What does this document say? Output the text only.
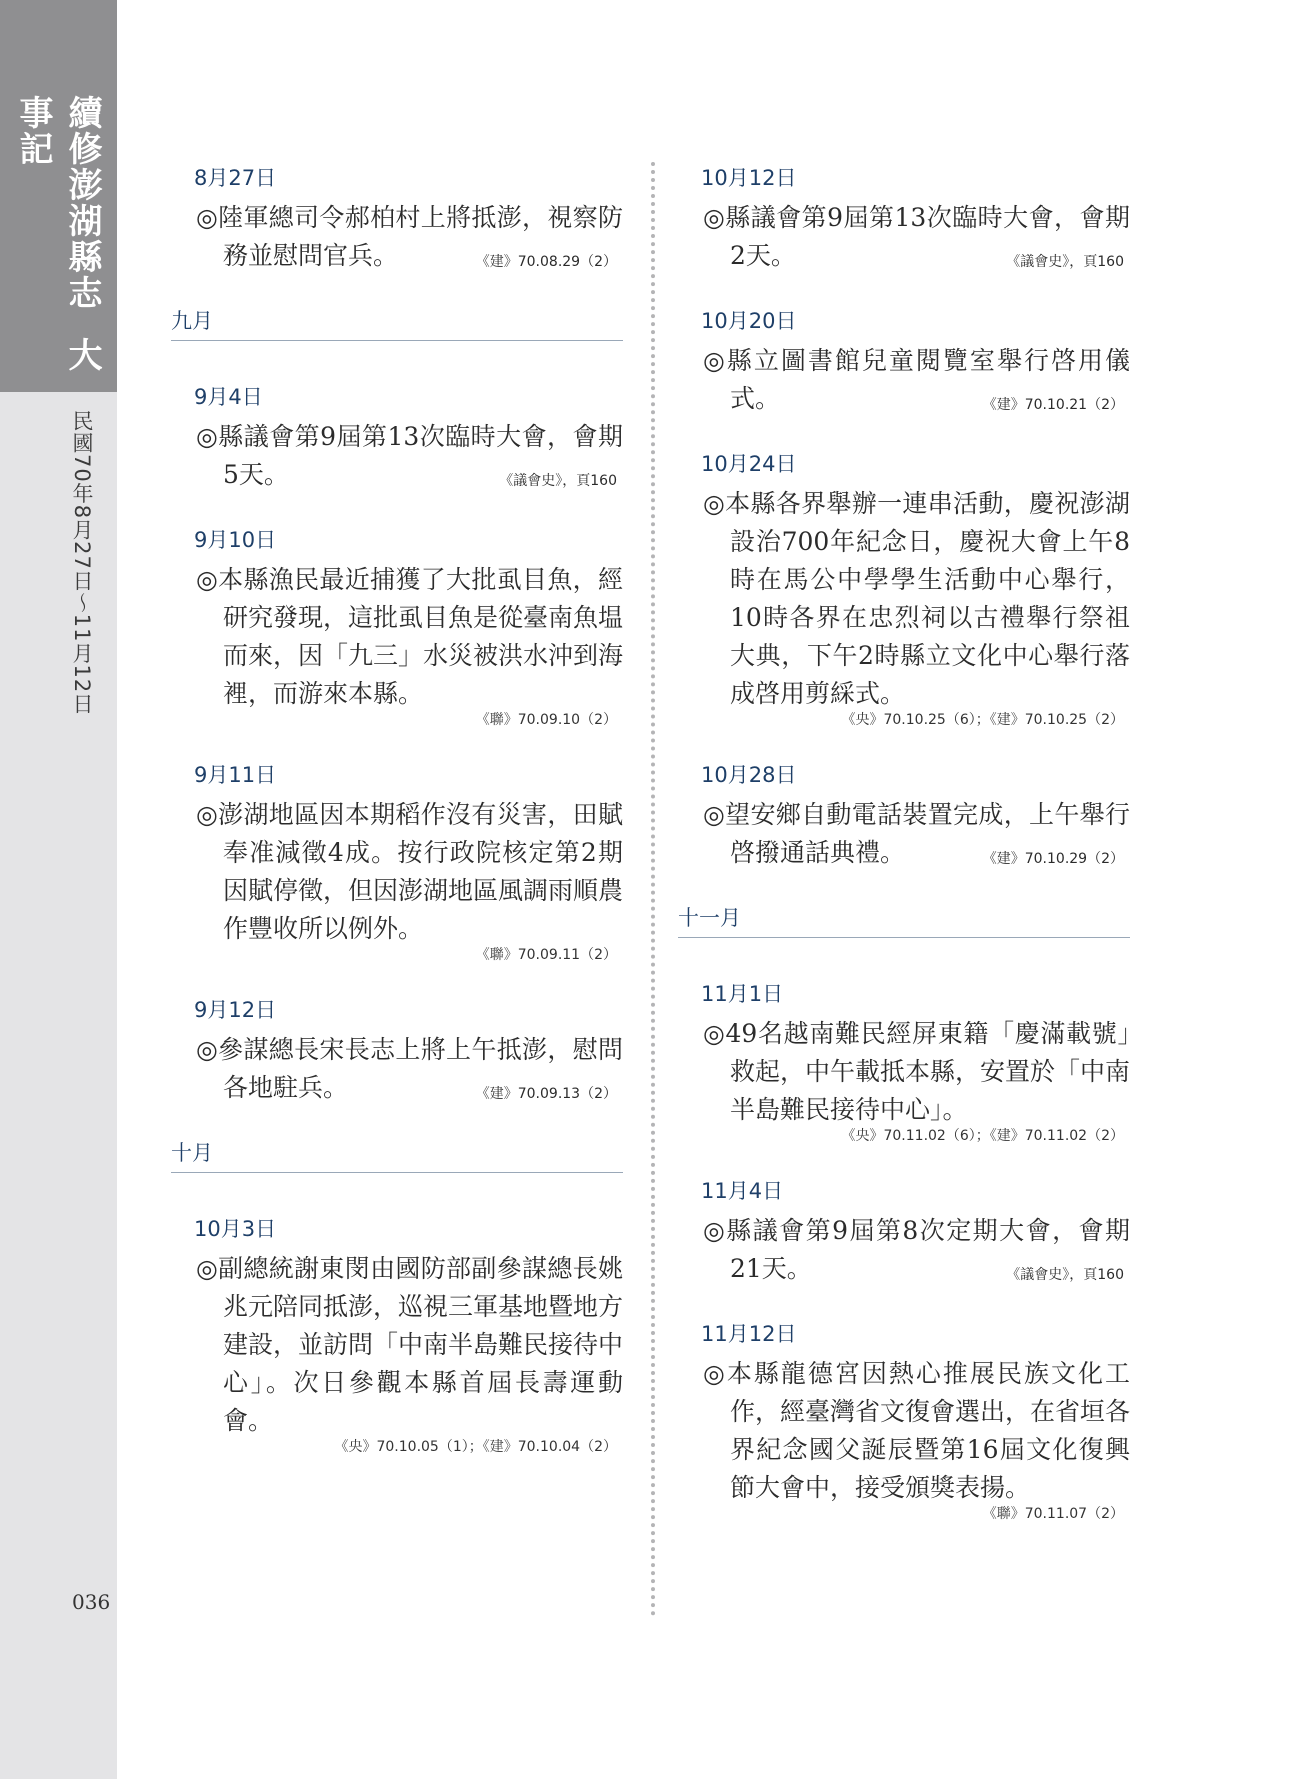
續修澎湖縣志大事記
民國70年8月27日～11月12日
036
8月27日
◎陸軍總司令郝柏村上將抵澎，視察防務並慰問官兵。	《建》70.08.29（2）
九月
9月4日
◎縣議會第9屆第13次臨時大會，會期5天。	《議會史》，頁160
9月10日
◎本縣漁民最近捕獲了大批虱目魚，經研究發現，這批虱目魚是從臺南魚塭而來，因「九三」水災被洪水沖到海裡，而游來本縣。
《聯》70.09.10（2）
9月11日
◎澎湖地區因本期稻作沒有災害，田賦奉准減徵4成。按行政院核定第2期因賦停徵，但因澎湖地區風調雨順農作豐收所以例外。
《聯》70.09.11（2）
9月12日
◎參謀總長宋長志上將上午抵澎，慰問各地駐兵。	《建》70.09.13（2）
十月
10月3日
◎副總統謝東閔由國防部副參謀總長姚兆元陪同抵澎，巡視三軍基地暨地方建設，並訪問「中南半島難民接待中心」。次日參觀本縣首屆長壽運動會。
《央》70.10.05（1）；《建》70.10.04（2）
10月12日
◎縣議會第9屆第13次臨時大會，會期2天。	《議會史》，頁160
10月20日
◎縣立圖書館兒童閱覽室舉行啓用儀式。	《建》70.10.21（2）
10月24日
◎本縣各界舉辦一連串活動，慶祝澎湖設治700年紀念日，慶祝大會上午8時在馬公中學學生活動中心舉行，10時各界在忠烈祠以古禮舉行祭祖大典，下午2時縣立文化中心舉行落成啓用剪綵式。
《央》70.10.25（6）；《建》70.10.25（2）
10月28日
◎望安鄉自動電話裝置完成，上午舉行啓撥通話典禮。	《建》70.10.29（2）
十一月
11月1日
◎49名越南難民經屏東籍「慶滿載號」救起，中午載抵本縣，安置於「中南半島難民接待中心」。
《央》70.11.02（6）；《建》70.11.02（2）
11月4日
◎縣議會第9屆第8次定期大會，會期21天。	《議會史》，頁160
11月12日
◎本縣龍德宮因熱心推展民族文化工作，經臺灣省文復會選出，在省垣各界紀念國父誕辰暨第16屆文化復興節大會中，接受頒獎表揚。
《聯》70.11.07（2）
